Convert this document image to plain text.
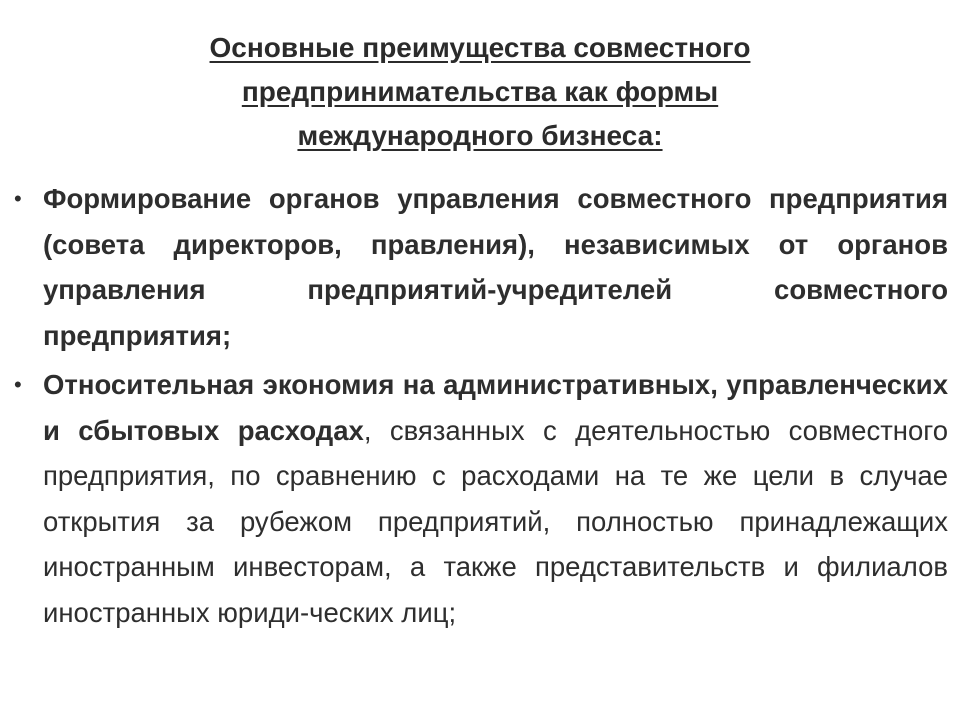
Основные преимущества совместного
предпринимательства как формы
международного бизнеса:
• Формирование органов управления совместного предприятия (совета директоров, правления), независимых от органов управления предприятий-учредителей совместного предприятия;
• Относительная экономия на административных, управленческих и сбытовых расходах, связанных с деятельностью совместного предприятия, по сравнению с расходами на те же цели в случае открытия за рубежом предприятий, полностью принадлежащих иностранным инвесторам, а также представительств и филиалов иностранных юриди-ческих лиц;
